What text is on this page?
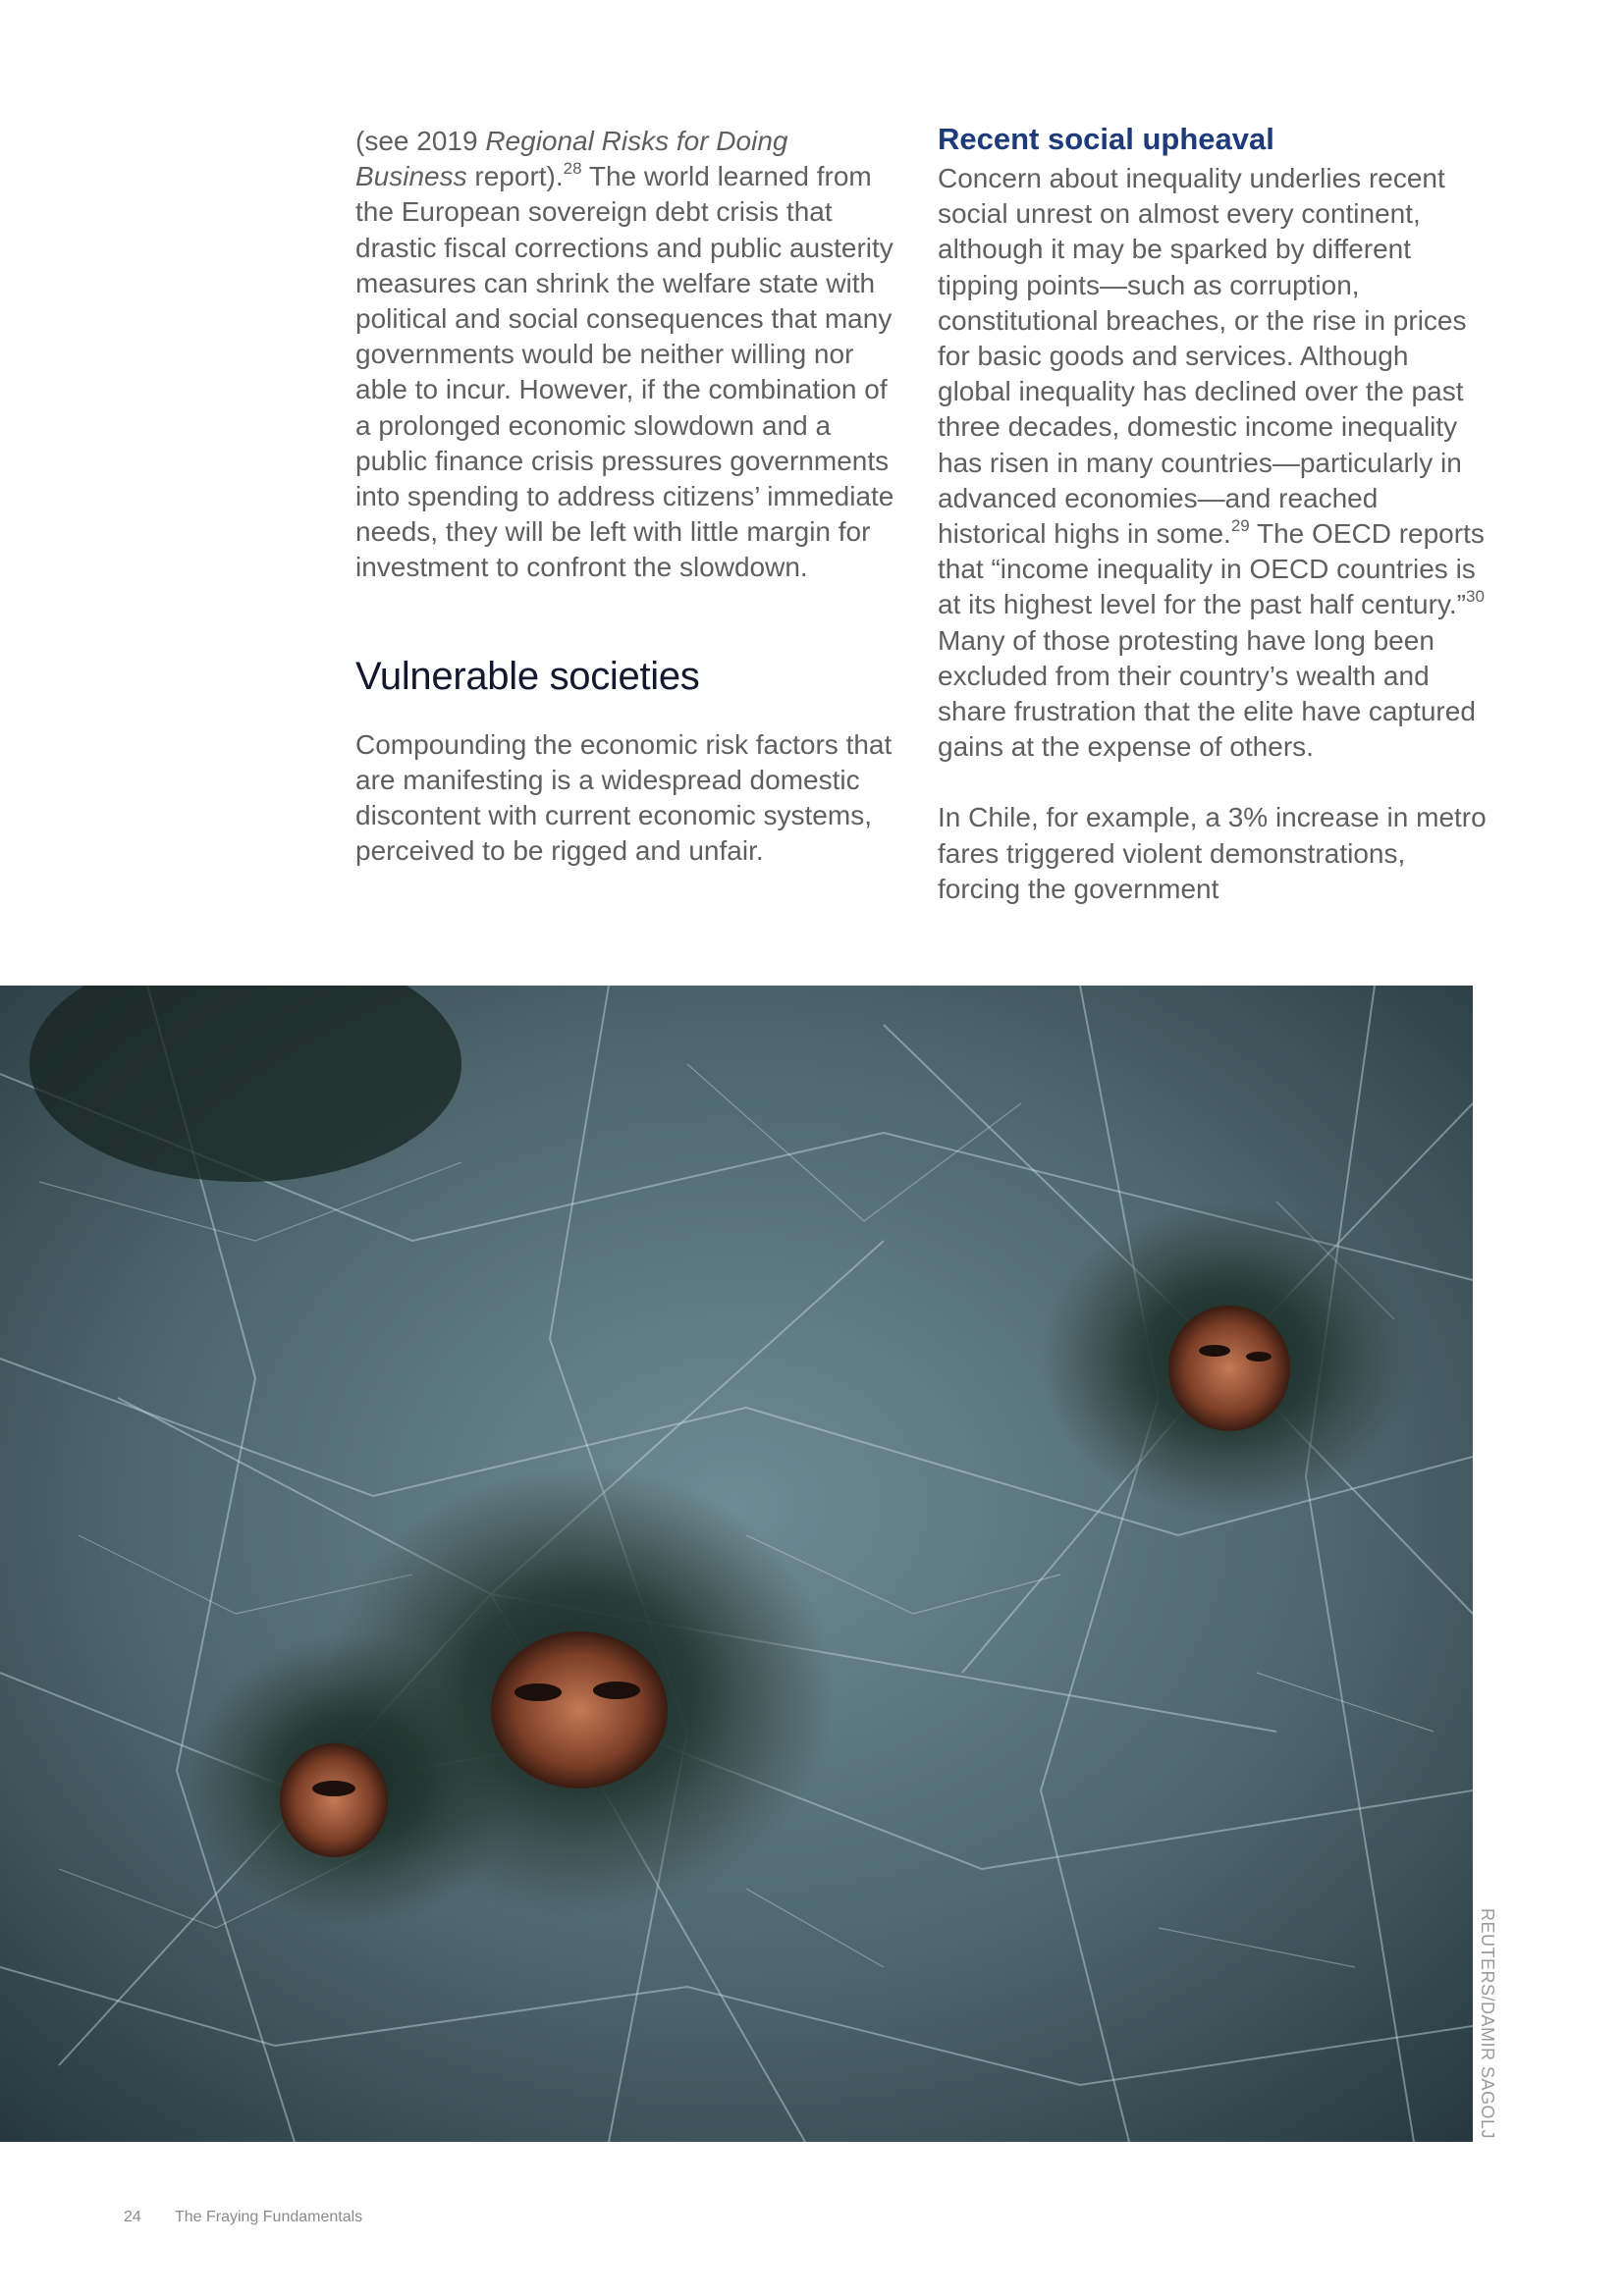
(see 2019 Regional Risks for Doing Business report).$^{28}$ The world learned from the European sovereign debt crisis that drastic fiscal corrections and public austerity measures can shrink the welfare state with political and social consequences that many governments would be neither willing nor able to incur. However, if the combination of a prolonged economic slowdown and a public finance crisis pressures governments into spending to address citizens’ immediate needs, they will be left with little margin for investment to confront the slowdown.

Vulnerable societies

Compounding the economic risk factors that are manifesting is a widespread domestic discontent with current economic systems, perceived to be rigged and unfair.

Recent social upheaval

Concern about inequality underlies recent social unrest on almost every continent, although it may be sparked by different tipping points—such as corruption, constitutional breaches, or the rise in prices for basic goods and services. Although global inequality has declined over the past three decades, domestic income inequality has risen in many countries—particularly in advanced economies—and reached historical highs in some.$^{29}$ The OECD reports that “income inequality in OECD countries is at its highest level for the past half century.”$^{30}$ Many of those protesting have long been excluded from their country’s wealth and share frustration that the elite have captured gains at the expense of others.

In Chile, for example, a 3% increase in metro fares triggered violent demonstrations, forcing the government

REUTERS/DAMIR SAGOLJ
24 The Fraying Fundamentals
